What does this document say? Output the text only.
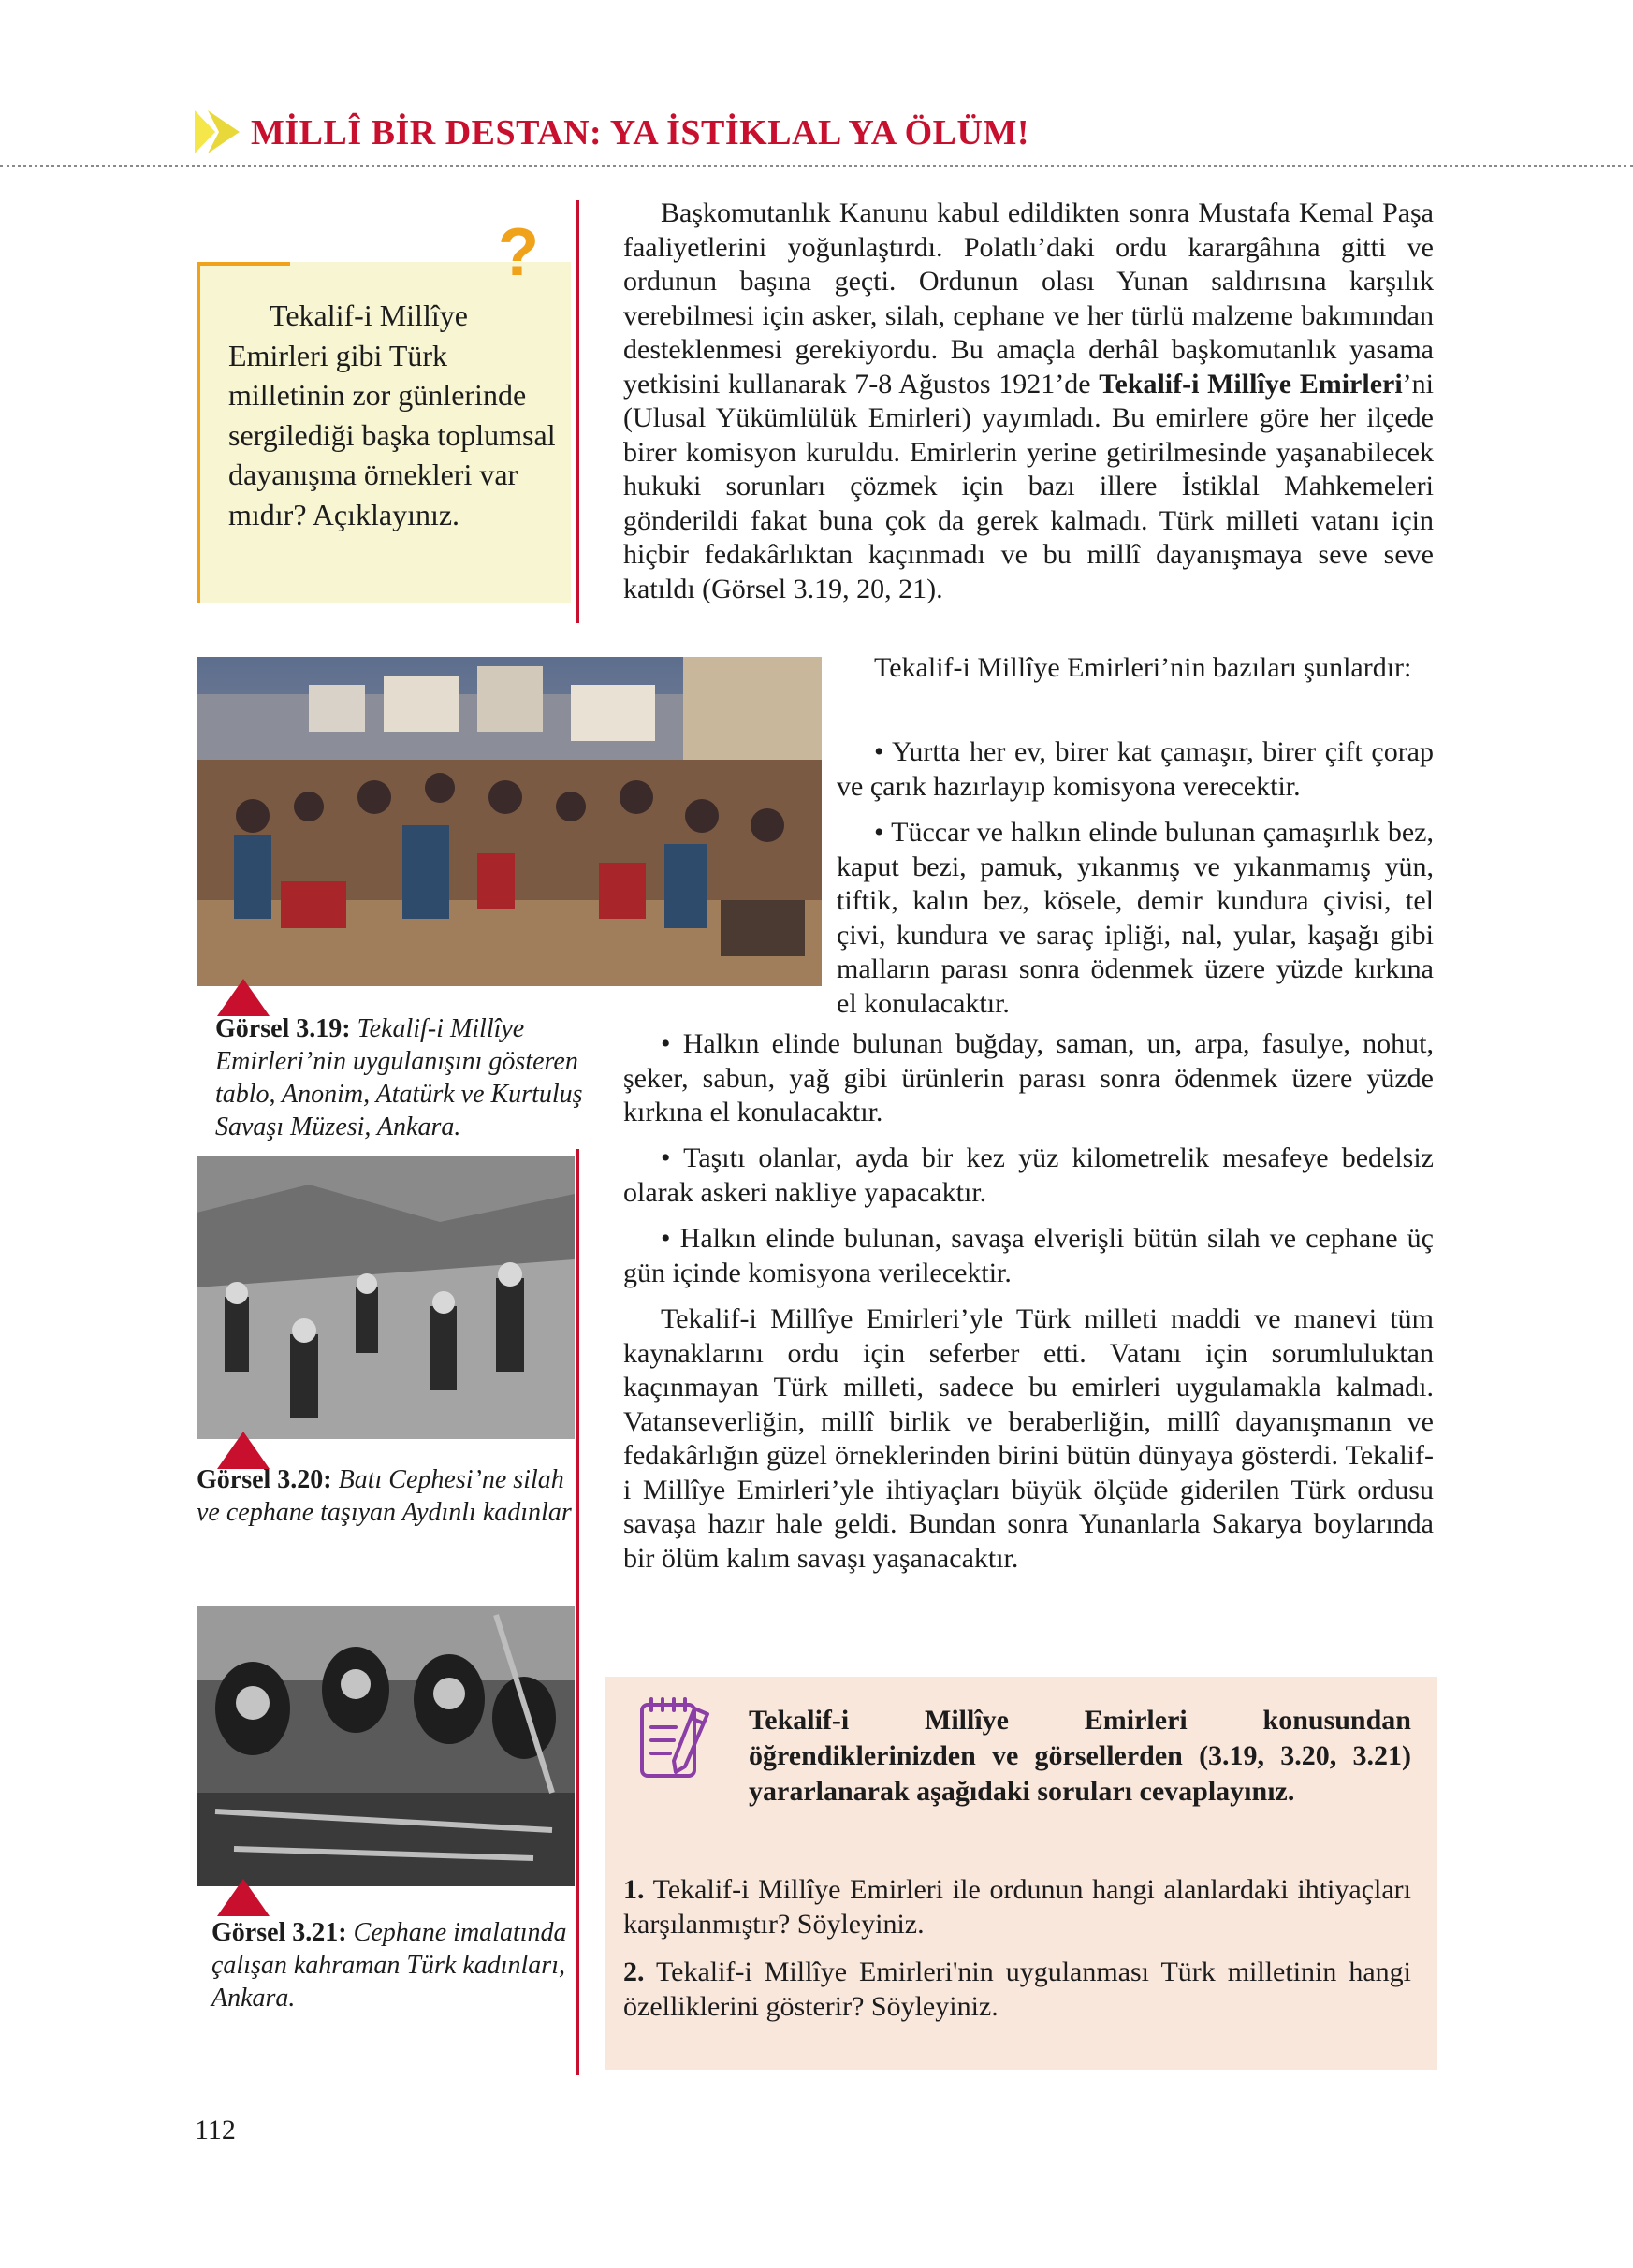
MİLLÎ BİR DESTAN: YA İSTİKLAL YA ÖLÜM!
?
Tekalif-i Millîye Emirleri gibi Türk milletinin zor günlerinde sergilediği başka toplumsal dayanışma örnekleri var mıdır? Açıklayınız.
Başkomutanlık Kanunu kabul edildikten sonra Mustafa Kemal Paşa faaliyetlerini yoğunlaştırdı. Polatlı’daki ordu karargâhına gitti ve ordunun başına geçti. Ordunun olası Yunan saldırısına karşılık verebilmesi için asker, silah, cephane ve her türlü malzeme bakımından desteklenmesi gerekiyordu. Bu amaçla derhâl başkomutanlık yasama yetkisini kullanarak 7-8 Ağustos 1921’de Tekalif-i Millîye Emirleri’ni (Ulusal Yükümlülük Emirleri) yayımladı. Bu emirlere göre her ilçede birer komisyon kuruldu. Emirlerin yerine getirilmesinde yaşanabilecek hukuki sorunları çözmek için bazı illere İstiklal Mahkemeleri gönderildi fakat buna çok da gerek kalmadı. Türk milleti vatanı için hiçbir fedakârlıktan kaçınmadı ve bu millî dayanışmaya seve seve katıldı (Görsel 3.19, 20, 21).
Görsel 3.19: Tekalif-i Millîye Emirleri’nin uygulanışını gösteren tablo, Anonim, Atatürk ve Kurtuluş Savaşı Müzesi, Ankara.
Tekalif-i Millîye Emirleri’nin bazıları şunlardır:
• Yurtta her ev, birer kat çamaşır, birer çift çorap ve çarık hazırlayıp komisyona verecektir.
• Tüccar ve halkın elinde bulunan çamaşırlık bez, kaput bezi, pamuk, yıkanmış ve yıkanmamış yün, tiftik, kalın bez, kösele, demir kundura çivisi, tel çivi, kundura ve saraç ipliği, nal, yular, kaşağı gibi malların parası sonra ödenmek üzere yüzde kırkına el konulacaktır.
• Halkın elinde bulunan buğday, saman, un, arpa, fasulye, nohut, şeker, sabun, yağ gibi ürünlerin parası sonra ödenmek üzere yüzde kırkına el konulacaktır.
• Taşıtı olanlar, ayda bir kez yüz kilometrelik mesafeye bedelsiz olarak askeri nakliye yapacaktır.
• Halkın elinde bulunan, savaşa elverişli bütün silah ve cephane üç gün içinde komisyona verilecektir.
Tekalif-i Millîye Emirleri’yle Türk milleti maddi ve manevi tüm kaynaklarını ordu için seferber etti. Vatanı için sorumluluktan kaçınmayan Türk milleti, sadece bu emirleri uygulamakla kalmadı. Vatanseverliğin, millî birlik ve beraberliğin, millî dayanışmanın ve fedakârlığın güzel örneklerinden birini bütün dünyaya gösterdi. Tekalif-i Millîye Emirleri’yle ihtiyaçları büyük ölçüde giderilen Türk ordusu savaşa hazır hale geldi. Bundan sonra Yunanlarla Sakarya boylarında bir ölüm kalım savaşı yaşanacaktır.
Görsel 3.20: Batı Cephesi’ne silah ve cephane taşıyan Aydınlı kadınlar
Görsel 3.21: Cephane imalatında çalışan kahraman Türk kadınları, Ankara.
Tekalif-i Millîye Emirleri konusundan öğrendiklerinizden ve görsellerden (3.19, 3.20, 3.21) yararlanarak aşağıdaki soruları cevaplayınız.
1. Tekalif-i Millîye Emirleri ile ordunun hangi alanlardaki ihtiyaçları karşılanmıştır? Söyleyiniz.
2. Tekalif-i Millîye Emirleri'nin uygulanması Türk milletinin hangi özelliklerini gösterir? Söyleyiniz.
112
